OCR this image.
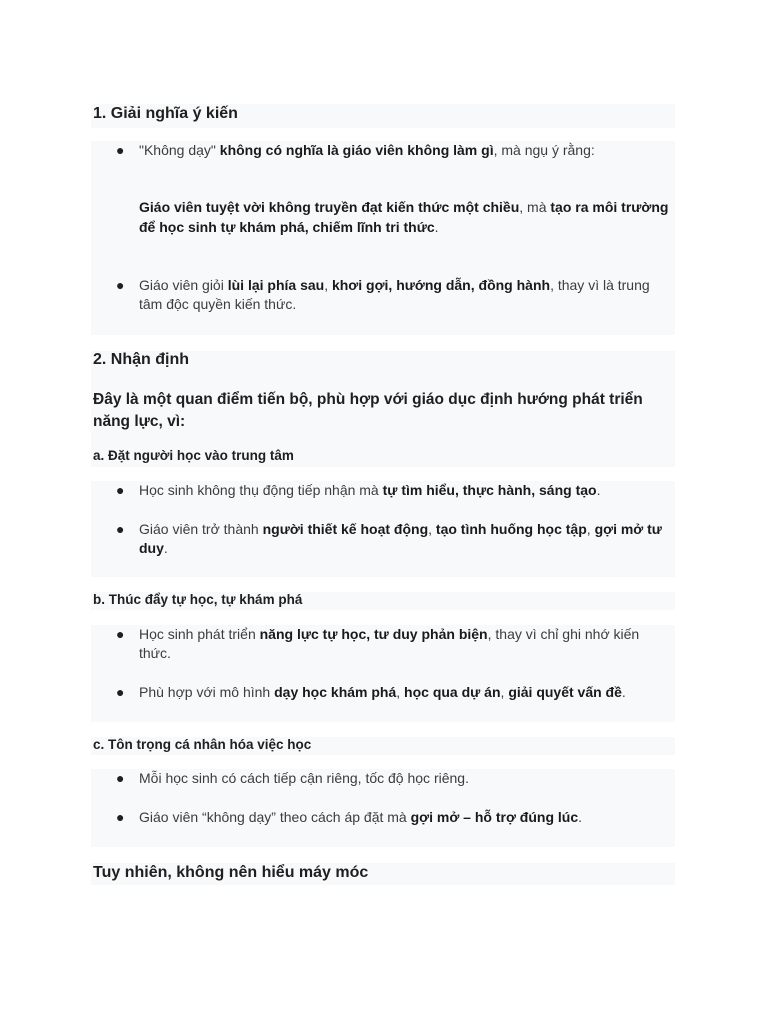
1. Giải nghĩa ý kiến
"Không dạy" không có nghĩa là giáo viên không làm gì, mà ngụ ý rằng:
Giáo viên tuyệt vời không truyền đạt kiến thức một chiều, mà tạo ra môi trường để học sinh tự khám phá, chiếm lĩnh tri thức.
Giáo viên giỏi lùi lại phía sau, khơi gợi, hướng dẫn, đồng hành, thay vì là trung tâm độc quyền kiến thức.
2. Nhận định
Đây là một quan điểm tiến bộ, phù hợp với giáo dục định hướng phát triển năng lực, vì:
a. Đặt người học vào trung tâm
Học sinh không thụ động tiếp nhận mà tự tìm hiểu, thực hành, sáng tạo.
Giáo viên trở thành người thiết kế hoạt động, tạo tình huống học tập, gợi mở tư duy.
b. Thúc đẩy tự học, tự khám phá
Học sinh phát triển năng lực tự học, tư duy phản biện, thay vì chỉ ghi nhớ kiến thức.
Phù hợp với mô hình dạy học khám phá, học qua dự án, giải quyết vấn đề.
c. Tôn trọng cá nhân hóa việc học
Mỗi học sinh có cách tiếp cận riêng, tốc độ học riêng.
Giáo viên “không dạy” theo cách áp đặt mà gợi mở – hỗ trợ đúng lúc.
Tuy nhiên, không nên hiểu máy móc
